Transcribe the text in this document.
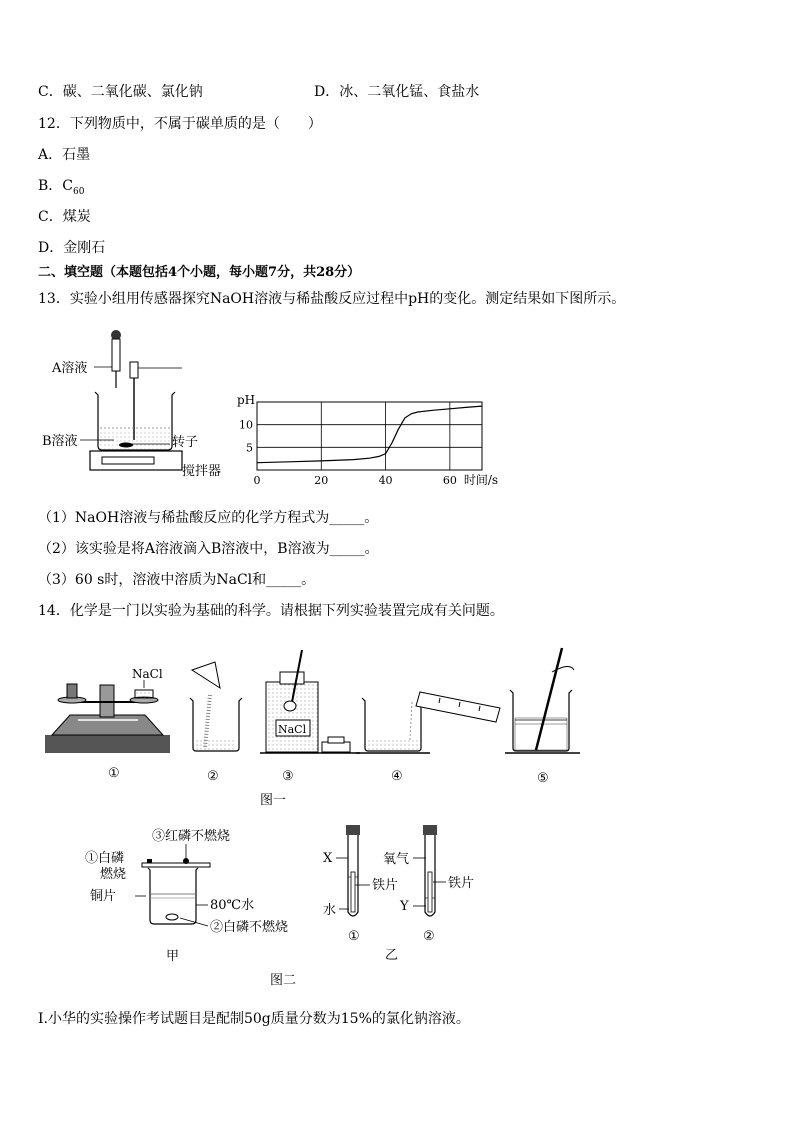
C．碳、二氧化碳、氯化钠	D．冰、二氧化锰、食盐水
12．下列物质中，不属于碳单质的是（　　）
A．石墨
B．$C_{60}$
C．煤炭
D．金刚石
二、填空题（本题包括4个小题，每小题7分，共28分）
13．实验小组用传感器探究NaOH溶液与稀盐酸反应过程中pH的变化。测定结果如下图所示。
A溶液
B溶液	转子
搅拌器
0	20	40	60
5
10
pH
时间/s
（1）NaOH溶液与稀盐酸反应的化学方程式为_____。
（2）该实验是将A溶液滴入B溶液中，B溶液为_____。
（3）60 s时，溶液中溶质为NaCl和_____。
14．化学是一门以实验为基础的科学。请根据下列实验装置完成有关问题。
NaCl
①	②
NaCl
③	④	⑤
图一
③红磷不燃烧
①白磷
燃烧
铜片
80℃水
②白磷不燃烧
甲
X
水
铁片
①
氧气
铁片
Y
②
乙
图二
I.小华的实验操作考试题目是配制50g质量分数为15%的氯化钠溶液。
